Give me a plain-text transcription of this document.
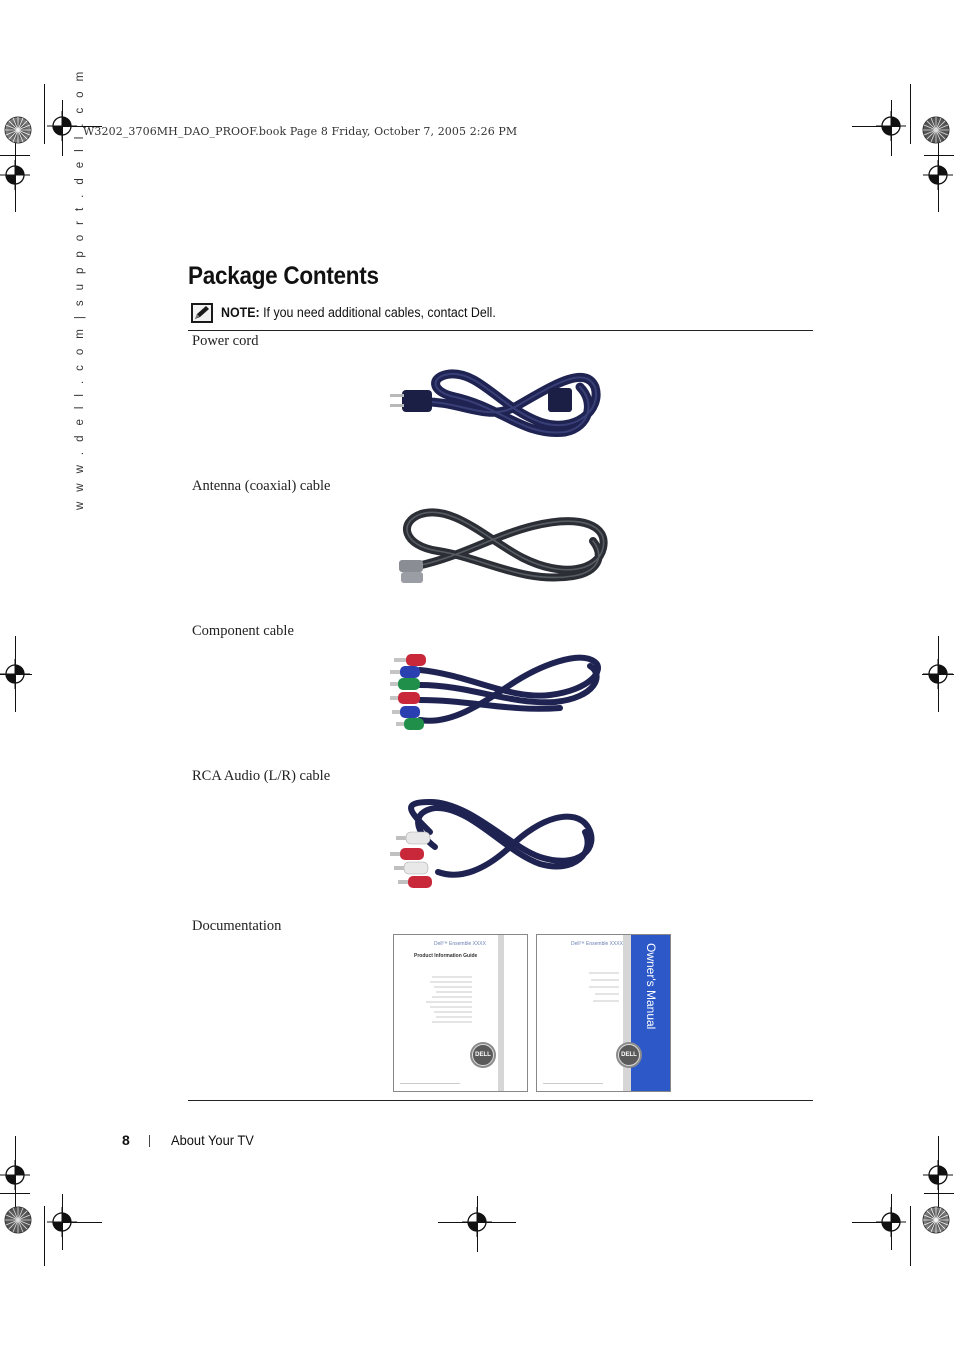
W3202_3706MH_DAO_PROOF.book Page 8 Friday, October 7, 2005 2:26 PM
w w w . d e l l . c o m | s u p p o r t . d e l l . c o m	Package Contents
NOTE: If you need additional cables, contact Dell.
Power cord
Antenna (coaxial) cable
Component cable
RCA Audio (L/R) cable
Documentation
Dell™ Ensemble XXXX
Product Information Guide
DELL
Dell™ Ensemble XXXX Owner's Manual
DELL
8	About Your TV
